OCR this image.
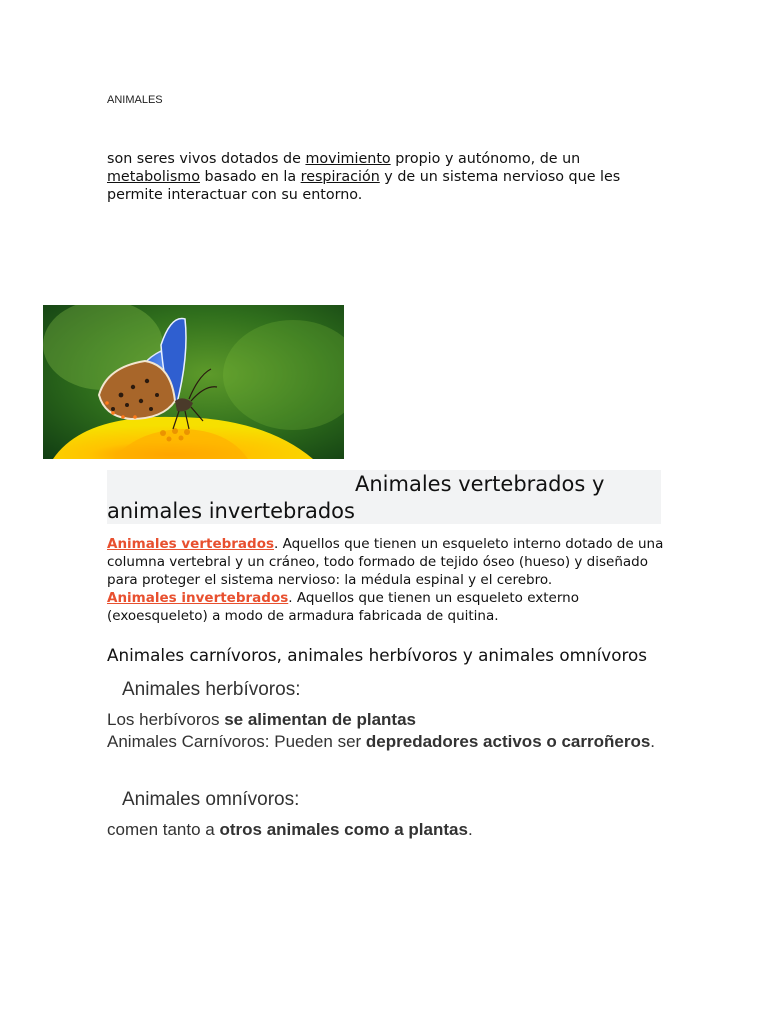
ANIMALES
son seres vivos dotados de movimiento propio y autónomo, de un metabolismo basado en la respiración y de un sistema nervioso que les permite interactuar con su entorno.
Animales vertebrados y
animales invertebrados
Animales vertebrados. Aquellos que tienen un esqueleto interno dotado de una columna vertebral y un cráneo, todo formado de tejido óseo (hueso) y diseñado para proteger el sistema nervioso: la médula espinal y el cerebro.
Animales invertebrados. Aquellos que tienen un esqueleto externo (exoesqueleto) a modo de armadura fabricada de quitina.
Animales carnívoros, animales herbívoros y animales omnívoros
Animales herbívoros:
Los herbívoros se alimentan de plantas
Animales Carnívoros: Pueden ser depredadores activos o carroñeros.
Animales omnívoros:
comen tanto a otros animales como a plantas.
